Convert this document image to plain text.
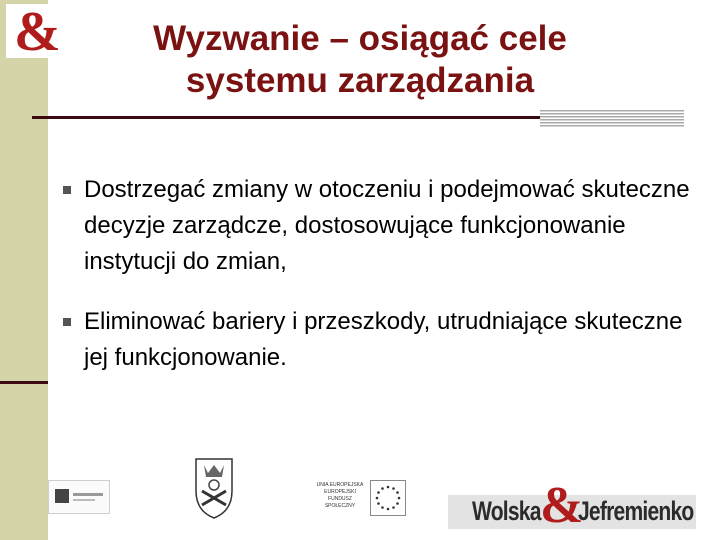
&	Wyzwanie – osiągać cele
systemu zarządzania
Dostrzegać zmiany w otoczeniu i podejmować skuteczne decyzje zarządcze, dostosowujące funkcjonowanie instytucji do zmian,
Eliminować bariery i przeszkody, utrudniające skuteczne jej funkcjonowanie.
UNIA EUROPEJSKA EUROPEJSKI FUNDUSZ SPOŁECZNY	Wolska &
Jefremienko
